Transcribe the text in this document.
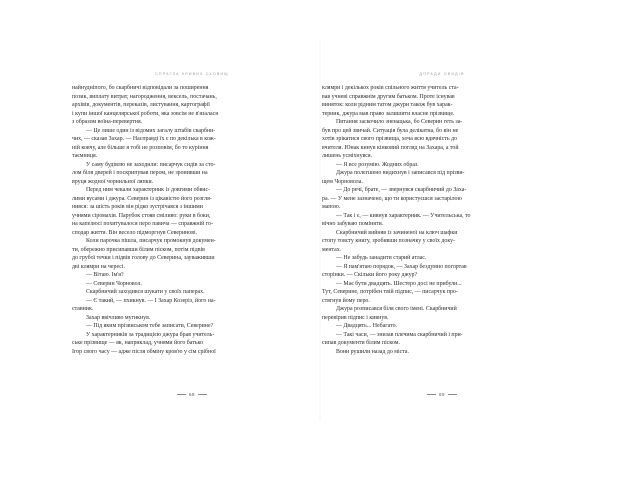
СПРАГЛА КРИВИХ СХОВИЩ
найнудніпого, бо скарбничі відповідали за поширення
позик, виплату витрат, нагородження, вексель, постачань,
архівів, документів, переказів, листування, картографії
і купи іншої канцелярської роботи, яка зовсім не в'язалася
з образом воїна-перевертня.
— Це лише один із відомих загалу штабів скарбни-
чих, — сказав Захар. — Насправді їх є по декілька в кож-
ній ковчу, але більше я тобі не розповім, бо то куріння
таємниця.
У саму будівлю не заходили: писарчук сидів за сто-
лом біля дверей і поскрипував пером, не зронивши на
вруця жодної чорнильної ляпки.
Перед ним чекали характерник із довгими обвис-
лими вусами і джура. Северин із цікавістю його розгля-
нився: за шість років він рідко зустрічався з іншими
учнями сіромахів. Парубок стояв сміливо: руки в боки,
на капелюсі похитувалося перо павича — справжній го-
сподар життя. Він весело підморгнув Северинові.
Коли парочка пішла, писарчук промокнув докумен-
ти, обережно присипавши білим піском, потім підвів
до грубої течки і підвів голову до Северина, зауваживши
дві клямри на чересі.
— Вітаю. Ім'я?
— Северин Чорновол.
Скарбничий заходився шукати у своїх паперах.
— Є такий, — пхикнув. — І Захар Козеріз, його на-
ставник.
Захар ввічливо мугикнув.
— Під яким прізвиськом тебе записати, Северине?
У характерників за традицією джура брав учитель-
ське прізвище — як, наприклад, учнями його батько
Ігор свого часу — адже після обміну кров'ю у сім срібної
68
ДОРАДИ ОВИДІВ
клямри і декількох років спільного життя учитель ста-
вав учневі справжнім другим батьком. Проте існував
виняток: коли рідним татом джури також був харак-
терник, джура мав право залишити власне прізвище.
Питання заскочило зненацька, бо Северин геть за-
був про цей звичай. Ситуація була делікатна, бо він не
хотів зрікатися свого прізвища, хоча всю вдячність до
вчителя. Юнак кинув кінковий погляд на Захара, а той
лишень усміхнувся.
— Я все розумію. Жодних образ.
Джура полегшено видихнув і записався під прізви-
щем Чорновола.
— До речі, брате, — звернувся скарбничий до Заха-
ра. — У мене зазначено, що ти користуєшся застарілою
мапою.
— Так і є, — кивнув характерник. — Учительська, то
вічно забуваю поміняти.
Скарбничий вийняв із зачиненої на ключ шафки
стопу товсту книгу, зробивши позначку у своїх доку-
ментах.
— Не забудь занадити старий атлас.
— Я пам'ятаю порядок, — Захар бездумно погортав
сторінки. — Скільки його року джур?
— Має бути двадцять. Шестеро досі не прибули...
Тут, Северине, потрібен твій підпис, — писарчук про-
стягнув йому перо.
Джура розписався біля свого імені. Скарбничий
перевірив підпис і кивнув.
— Двадцять... Небагато.
— Такі часи, — знизав плечима скарбничий і при-
сипав документи білим піском.
Вони рушили назад до міста.
69
